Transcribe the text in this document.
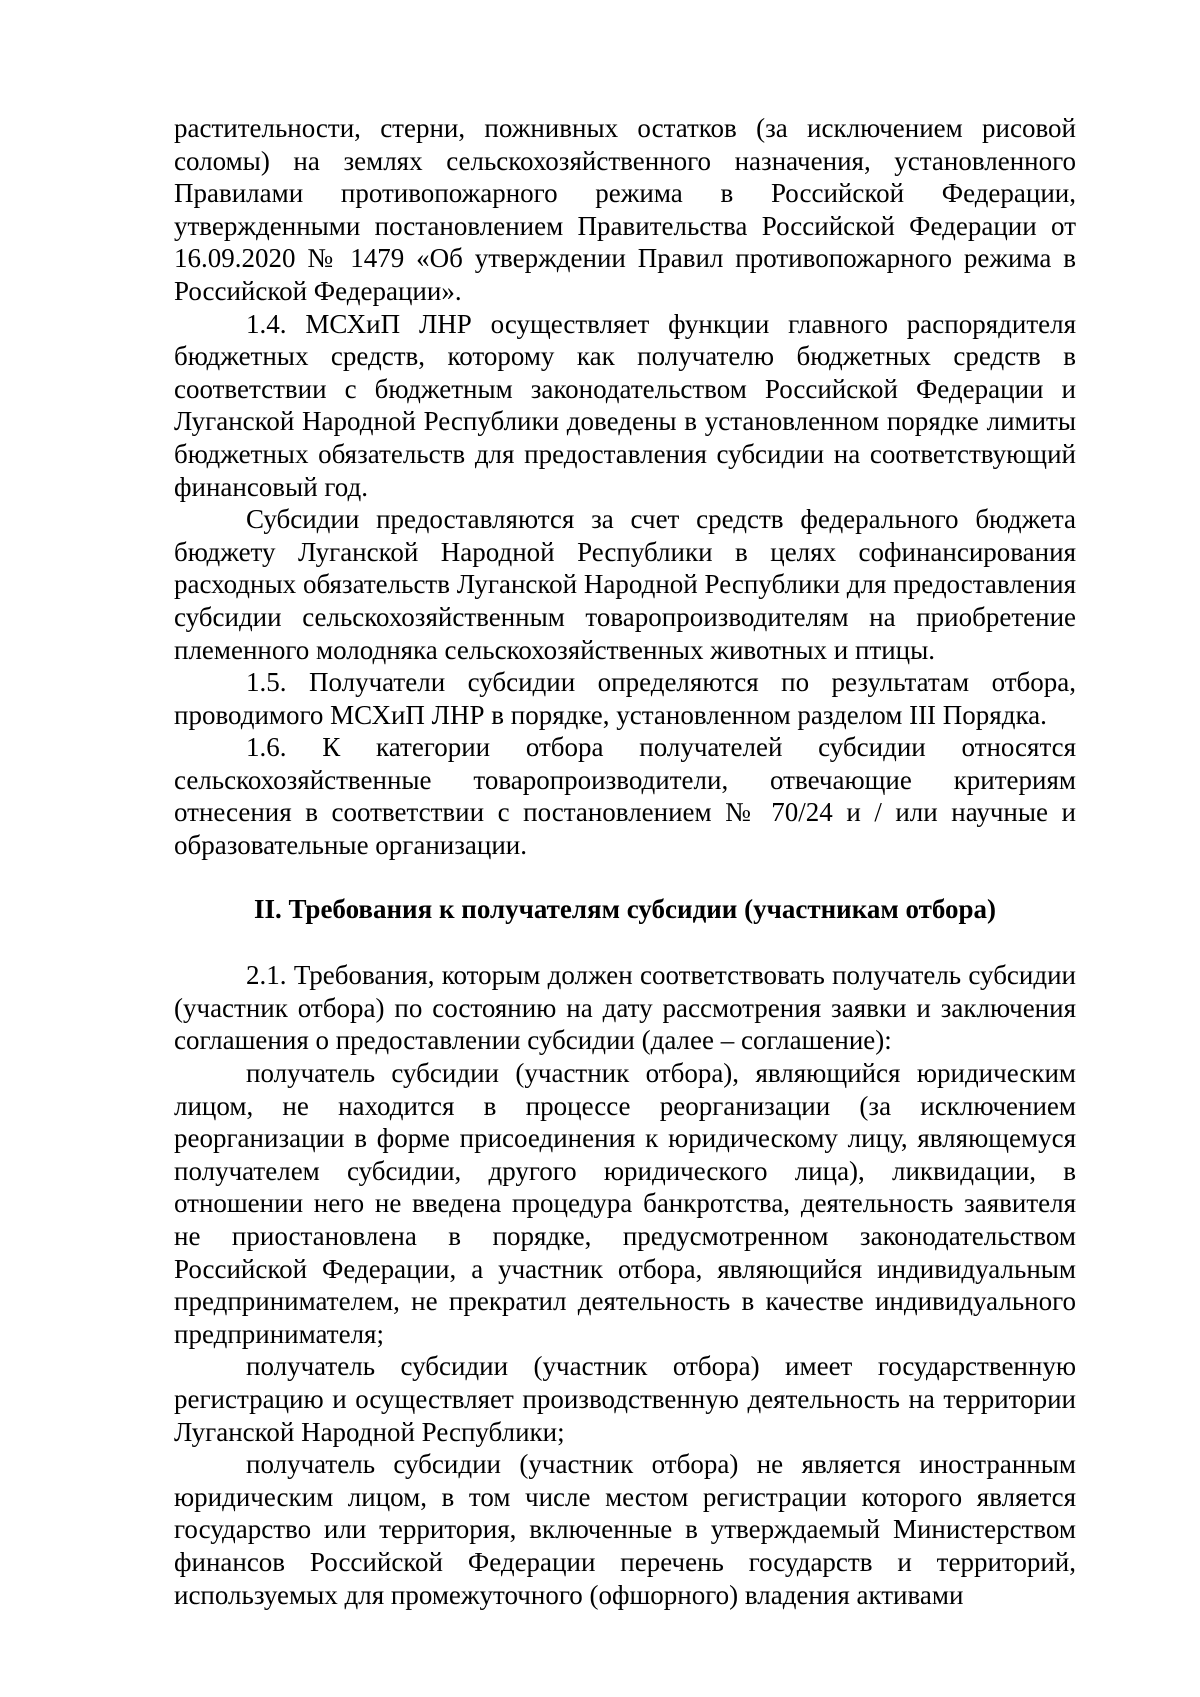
растительности, стерни, пожнивных остатков (за исключением рисовой соломы) на землях сельскохозяйственного назначения, установленного Правилами противопожарного режима в Российской Федерации, утвержденными постановлением Правительства Российской Федерации от 16.09.2020 № 1479 «Об утверждении Правил противопожарного режима в Российской Федерации».

1.4. МСХиП ЛНР осуществляет функции главного распорядителя бюджетных средств, которому как получателю бюджетных средств в соответствии с бюджетным законодательством Российской Федерации и Луганской Народной Республики доведены в установленном порядке лимиты бюджетных обязательств для предоставления субсидии на соответствующий финансовый год.

Субсидии предоставляются за счет средств федерального бюджета бюджету Луганской Народной Республики в целях софинансирования расходных обязательств Луганской Народной Республики для предоставления субсидии сельскохозяйственным товаропроизводителям на приобретение племенного молодняка сельскохозяйственных животных и птицы.

1.5. Получатели субсидии определяются по результатам отбора, проводимого МСХиП ЛНР в порядке, установленном разделом III Порядка.

1.6. К категории отбора получателей субсидии относятся сельскохозяйственные товаропроизводители, отвечающие критериям отнесения в соответствии с постановлением № 70/24 и / или научные и образовательные организации.

II. Требования к получателям субсидии (участникам отбора)

2.1. Требования, которым должен соответствовать получатель субсидии (участник отбора) по состоянию на дату рассмотрения заявки и заключения соглашения о предоставлении субсидии (далее – соглашение):

получатель субсидии (участник отбора), являющийся юридическим лицом, не находится в процессе реорганизации (за исключением реорганизации в форме присоединения к юридическому лицу, являющемуся получателем субсидии, другого юридического лица), ликвидации, в отношении него не введена процедура банкротства, деятельность заявителя не приостановлена в порядке, предусмотренном законодательством Российской Федерации, а участник отбора, являющийся индивидуальным предпринимателем, не прекратил деятельность в качестве индивидуального предпринимателя;

получатель субсидии (участник отбора) имеет государственную регистрацию и осуществляет производственную деятельность на территории Луганской Народной Республики;

получатель субсидии (участник отбора) не является иностранным юридическим лицом, в том числе местом регистрации которого является государство или территория, включенные в утверждаемый Министерством финансов Российской Федерации перечень государств и территорий, используемых для промежуточного (офшорного) владения активами
